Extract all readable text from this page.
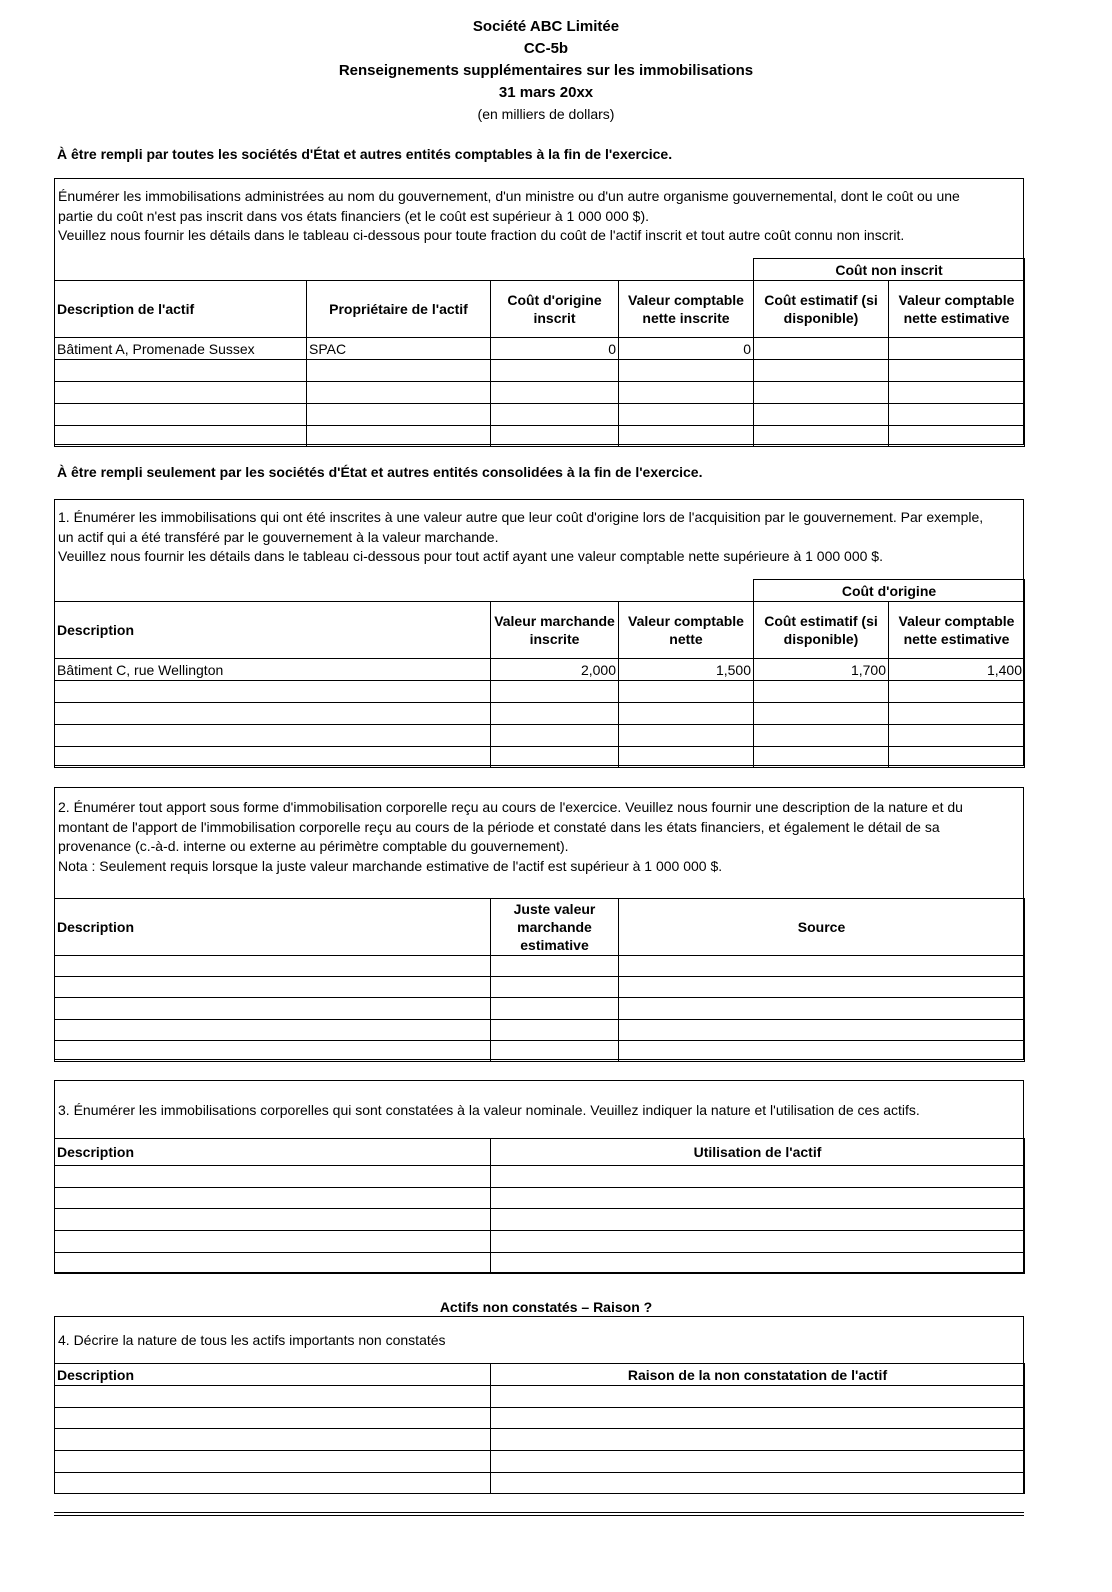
Société ABC Limitée
CC-5b
Renseignements supplémentaires sur les immobilisations
31 mars 20xx
(en milliers de dollars)
À être rempli par toutes les sociétés d'État et autres entités comptables à la fin de l'exercice.
Énumérer les immobilisations administrées au nom du gouvernement, d'un ministre ou d'un autre organisme gouvernemental, dont le coût ou une
partie du coût n'est pas inscrit dans vos états financiers (et le coût est supérieur à 1 000 000 $).
Veuillez nous fournir les détails dans le tableau ci-dessous pour toute fraction du coût de l'actif inscrit et tout autre coût connu non inscrit.
				Coût non inscrit	
Description de l'actif	Propriétaire de l'actif	Coût d'origine inscrit	Valeur comptable nette inscrite	Coût estimatif (si disponible)	Valeur comptable nette estimative
Bâtiment A, Promenade Sussex	SPAC	0	0		

À être rempli seulement par les sociétés d'État et autres entités consolidées à la fin de l'exercice.
1. Énumérer les immobilisations qui ont été inscrites à une valeur autre que leur coût d'origine lors de l'acquisition par le gouvernement. Par exemple,
un actif qui a été transféré par le gouvernement à la valeur marchande.
Veuillez nous fournir les détails dans le tableau ci-dessous pour tout actif ayant une valeur comptable nette supérieure à 1 000 000 $.
			Coût d'origine	
Description	Valeur marchande inscrite	Valeur comptable nette	Coût estimatif (si disponible)	Valeur comptable nette estimative
Bâtiment C, rue Wellington	2,000	1,500	1,700	1,400

2. Énumérer tout apport sous forme d'immobilisation corporelle reçu au cours de l'exercice. Veuillez nous fournir une description de la nature et du
montant de l'apport de l'immobilisation corporelle reçu au cours de la période et constaté dans les états financiers, et également le détail de sa
provenance (c.-à-d. interne ou externe au périmètre comptable du gouvernement).
Nota : Seulement requis lorsque la juste valeur marchande estimative de l'actif est supérieur à 1 000 000 $.
Description	Juste valeur marchande estimative	Source

3. Énumérer les immobilisations corporelles qui sont constatées à la valeur nominale. Veuillez indiquer la nature et l'utilisation de ces actifs.
Description	Utilisation de l'actif

Actifs non constatés – Raison ?
4. Décrire la nature de tous les actifs importants non constatés
Description	Raison de la non constatation de l'actif
